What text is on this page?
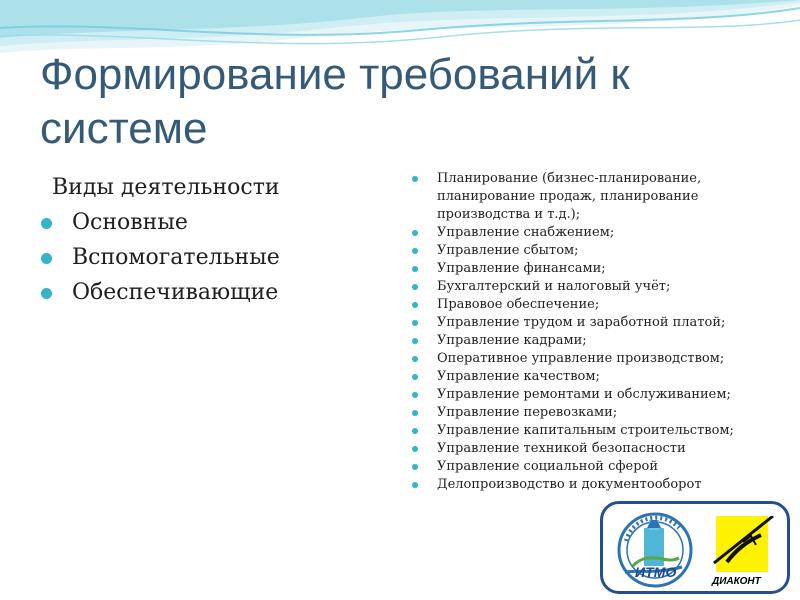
Формирование требований к системе
Виды деятельности
Основные
Вспомогательные
Обеспечивающие
Планирование (бизнес-планирование, планирование продаж, планирование производства и т.д.);
Управление снабжением;
Управление сбытом;
Управление финансами;
Бухгалтерский и налоговый учёт;
Правовое обеспечение;
Управление трудом и заработной платой;
Управление кадрами;
Оперативное управление производством;
Управление качеством;
Управление ремонтами и обслуживанием;
Управление перевозками;
Управление капитальным строительством;
Управление техникой безопасности
Управление социальной сферой
Делопроизводство и документооборот
ИТМО
ДИАКОНТ
